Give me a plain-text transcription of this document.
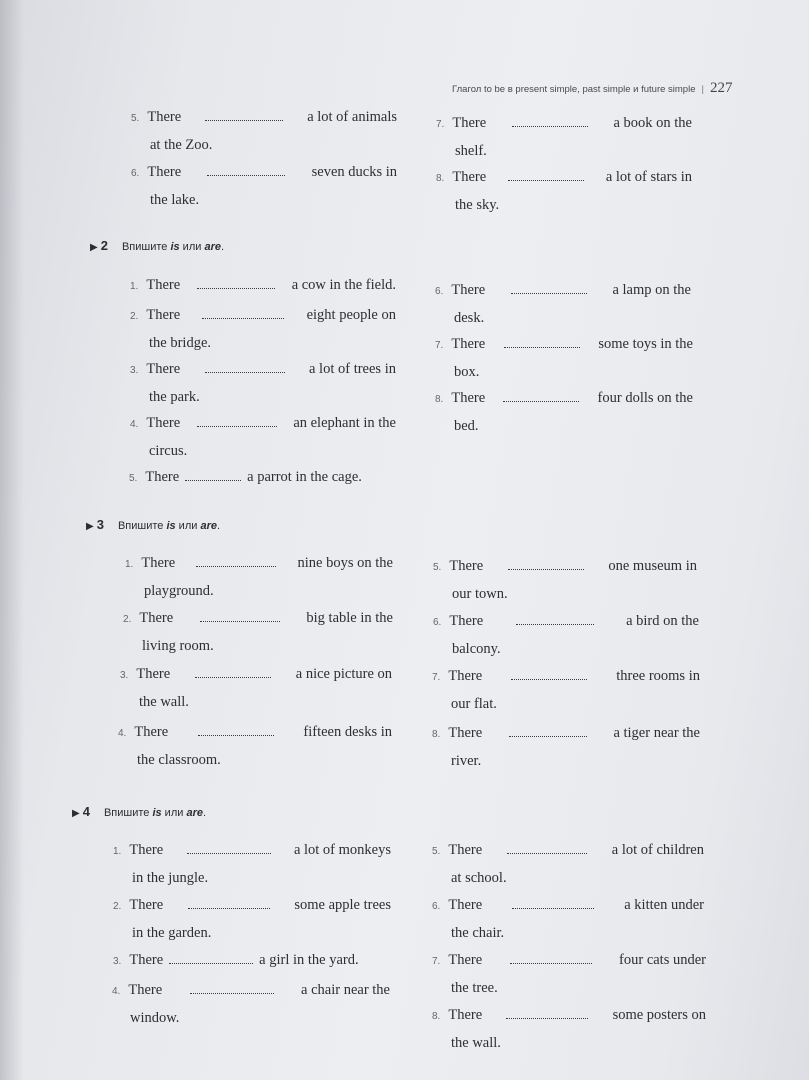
Глагол to be в present simple, past simple и future simple | 227
5. There	a lot of animals
at the Zoo.
6. There	seven ducks in
the lake.
7. There	a book on the
shelf.
8. There	a lot of stars in
the sky.
▶ 2 Впишите is или are.
1. There	a cow in the field.
2. There	eight people on
the bridge.
3. There	a lot of trees in
the park.
4. There	an elephant in the
circus.
5. There	a parrot in the cage.
6. There	a lamp on the
desk.
7. There	some toys in the
box.
8. There	four dolls on the
bed.
▶ 3 Впишите is или are.
1. There	nine boys on the
playground.
2. There	big table in the
living room.
3. There	a nice picture on
the wall.
4. There	fifteen desks in
the classroom.
5. There	one museum in
our town.
6. There	a bird on the
balcony.
7. There	three rooms in
our flat.
8. There	a tiger near the
river.
▶ 4 Впишите is или are.
1. There	a lot of monkeys
in the jungle.
2. There	some apple trees
in the garden.
3. There	a girl in the yard.
4. There	a chair near the
window.
5. There	a lot of children
at school.
6. There	a kitten under
the chair.
7. There	four cats under
the tree.
8. There	some posters on
the wall.
